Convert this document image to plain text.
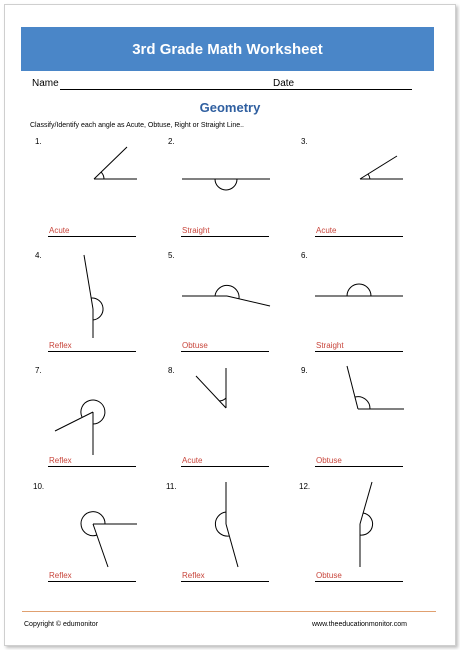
3rd Grade Math Worksheet
Name	Date
Geometry
Classify/Identify each angle as Acute, Obtuse, Right or Straight Line..
1.	2.	3.
Acute	Straight	Acute
4.	5.	6.
Reflex	Obtuse	Straight
7.	8.	9.
Reflex	Acute	Obtuse
10.	11.	12.
Reflex	Reflex	Obtuse
Copyright © edumonitor	www.theeducationmonitor.com
